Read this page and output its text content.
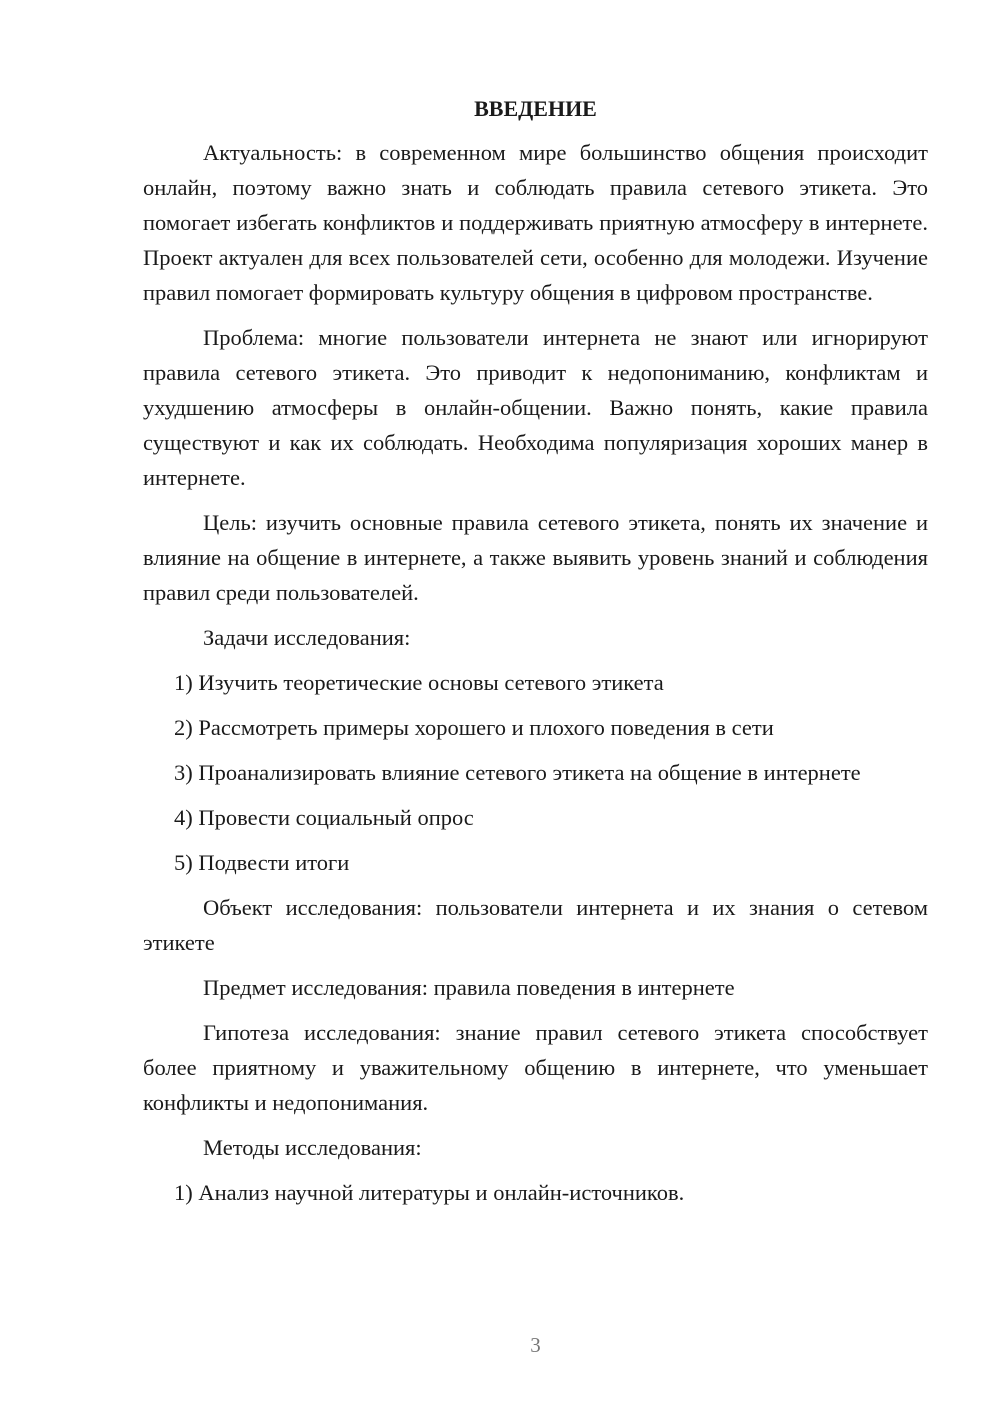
ВВЕДЕНИЕ

Актуальность: в современном мире большинство общения происходит онлайн, поэтому важно знать и соблюдать правила сетевого этикета. Это помогает избегать конфликтов и поддерживать приятную атмосферу в интернете. Проект актуален для всех пользователей сети, особенно для молодежи. Изучение правил помогает формировать культуру общения в цифровом пространстве.

Проблема: многие пользователи интернета не знают или игнорируют правила сетевого этикета. Это приводит к недопониманию, конфликтам и ухудшению атмосферы в онлайн-общении. Важно понять, какие правила существуют и как их соблюдать. Необходима популяризация хороших манер в интернете.

Цель: изучить основные правила сетевого этикета, понять их значение и влияние на общение в интернете, а также выявить уровень знаний и соблюдения правил среди пользователей.

Задачи исследования:

1) Изучить теоретические основы сетевого этикета

2) Рассмотреть примеры хорошего и плохого поведения в сети

3) Проанализировать влияние сетевого этикета на общение в интернете

4) Провести социальный опрос

5) Подвести итоги

Объект исследования: пользователи интернета и их знания о сетевом этикете

Предмет исследования: правила поведения в интернете

Гипотеза исследования: знание правил сетевого этикета способствует более приятному и уважительному общению в интернете, что уменьшает конфликты и недопонимания.

Методы исследования:

1) Анализ научной литературы и онлайн-источников.

3
